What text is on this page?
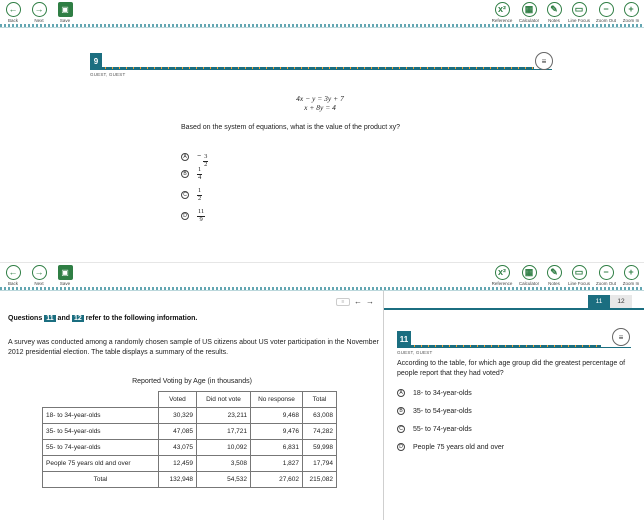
←
Back
→
Next
▣
Save
x²
Reference
▦
Calculator
✎
Notes
▭
Line Focus
−
Zoom Out
+
Zoom In
9
GUEST, GUEST
≡
4x − y = 3y + 7
x + 8y = 4
Based on the system of equations, what is the value of the product xy?
A	− $\frac{3}{2}$
B	$\frac{1}{4}$
C	$\frac{1}{2}$
D	$\frac{11}{9}$
←
Back
→
Next
▣
Save
x²
Reference
▦
Calculator
✎
Notes
▭
Line Focus
−
Zoom Out
+
Zoom In
≡	← →
Questions 11 and 12 refer to the following information.
A survey was conducted among a randomly chosen sample of US citizens about US voter participation in the November 2012 presidential election. The table displays a summary of the results.
Reported Voting by Age (in thousands)
	Voted	Did not vote	No response	Total
18- to 34-year-olds	30,329	23,211	9,468	63,008
35- to 54-year-olds	47,085	17,721	9,476	74,282
55- to 74-year-olds	43,075	10,092	6,831	59,998
People 75 years old and over	12,459	3,508	1,827	17,794
Total	132,948	54,532	27,602	215,082
11	12
11
GUEST, GUEST
≡
According to the table, for which age group did the greatest percentage of people report that they had voted?
A	18- to 34-year-olds
B	35- to 54-year-olds
C	55- to 74-year-olds
D	People 75 years old and over
